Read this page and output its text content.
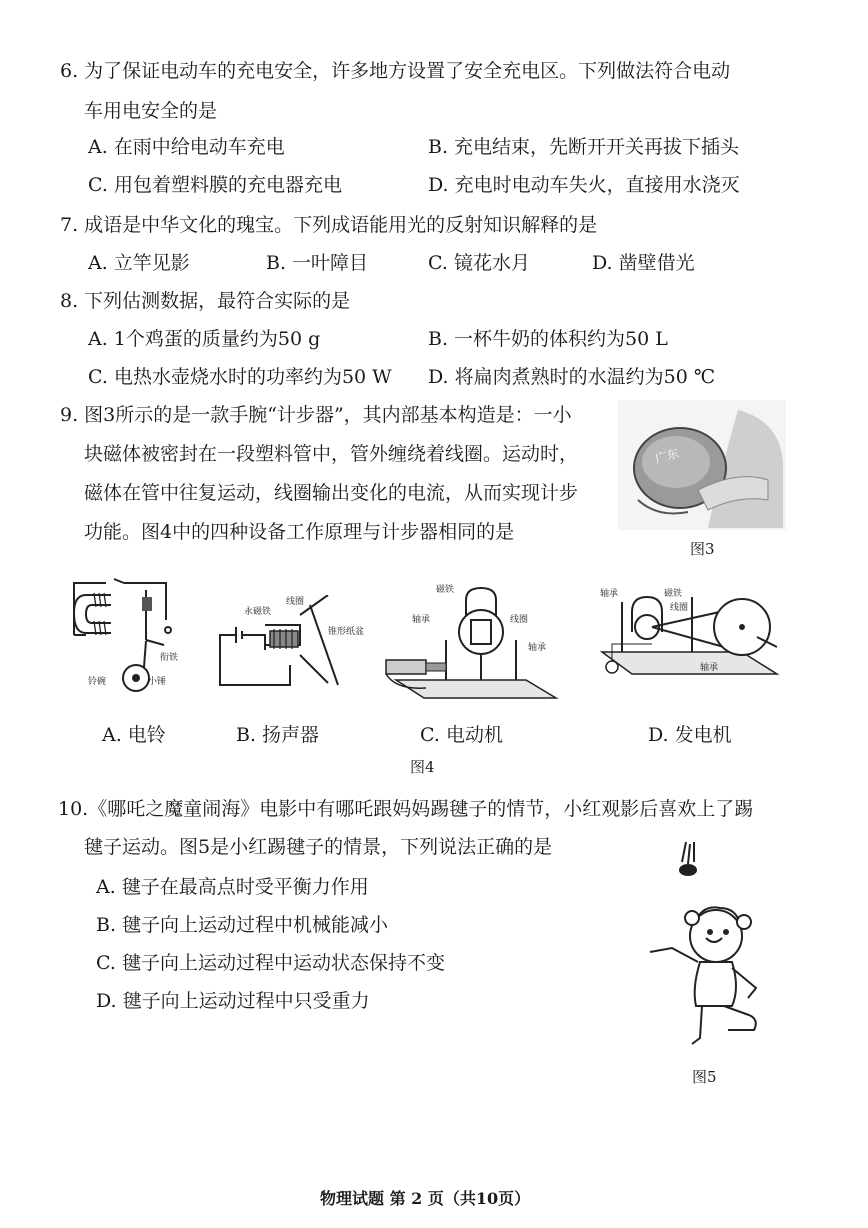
6. 为了保证电动车的充电安全，许多地方设置了安全充电区。下列做法符合电动
车用电安全的是
A. 在雨中给电动车充电	B. 充电结束，先断开开关再拔下插头
C. 用包着塑料膜的充电器充电	D. 充电时电动车失火，直接用水浇灭
7. 成语是中华文化的瑰宝。下列成语能用光的反射知识解释的是
A. 立竿见影	B. 一叶障目	C. 镜花水月	D. 凿壁借光
8. 下列估测数据，最符合实际的是
A. 1个鸡蛋的质量约为50 g	B. 一杯牛奶的体积约为50 L
C. 电热水壶烧水时的功率约为50 W D. 将扁肉煮熟时的水温约为50 ℃
9. 图3所示的是一款手腕“计步器”，其内部基本构造是：一小
块磁体被密封在一段塑料管中，管外缠绕着线圈。运动时，
磁体在管中往复运动，线圈输出变化的电流，从而实现计步
功能。图4中的四种设备工作原理与计步器相同的是
广东
图3
衔铁
铃碗	小锤
永磁铁
线圈
锥形纸盆
磁铁
轴承	线圈
轴承
轴承	磁铁
线圈
轴承
A. 电铃	B. 扬声器	C. 电动机	D. 发电机
图4
10.《哪吒之魔童闹海》电影中有哪吒跟妈妈踢毽子的情节，小红观影后喜欢上了踢
毽子运动。图5是小红踢毽子的情景，下列说法正确的是
A. 毽子在最高点时受平衡力作用
B. 毽子向上运动过程中机械能减小
C. 毽子向上运动过程中运动状态保持不变
D. 毽子向上运动过程中只受重力
图5
物理试题 第 2 页（共10页）
